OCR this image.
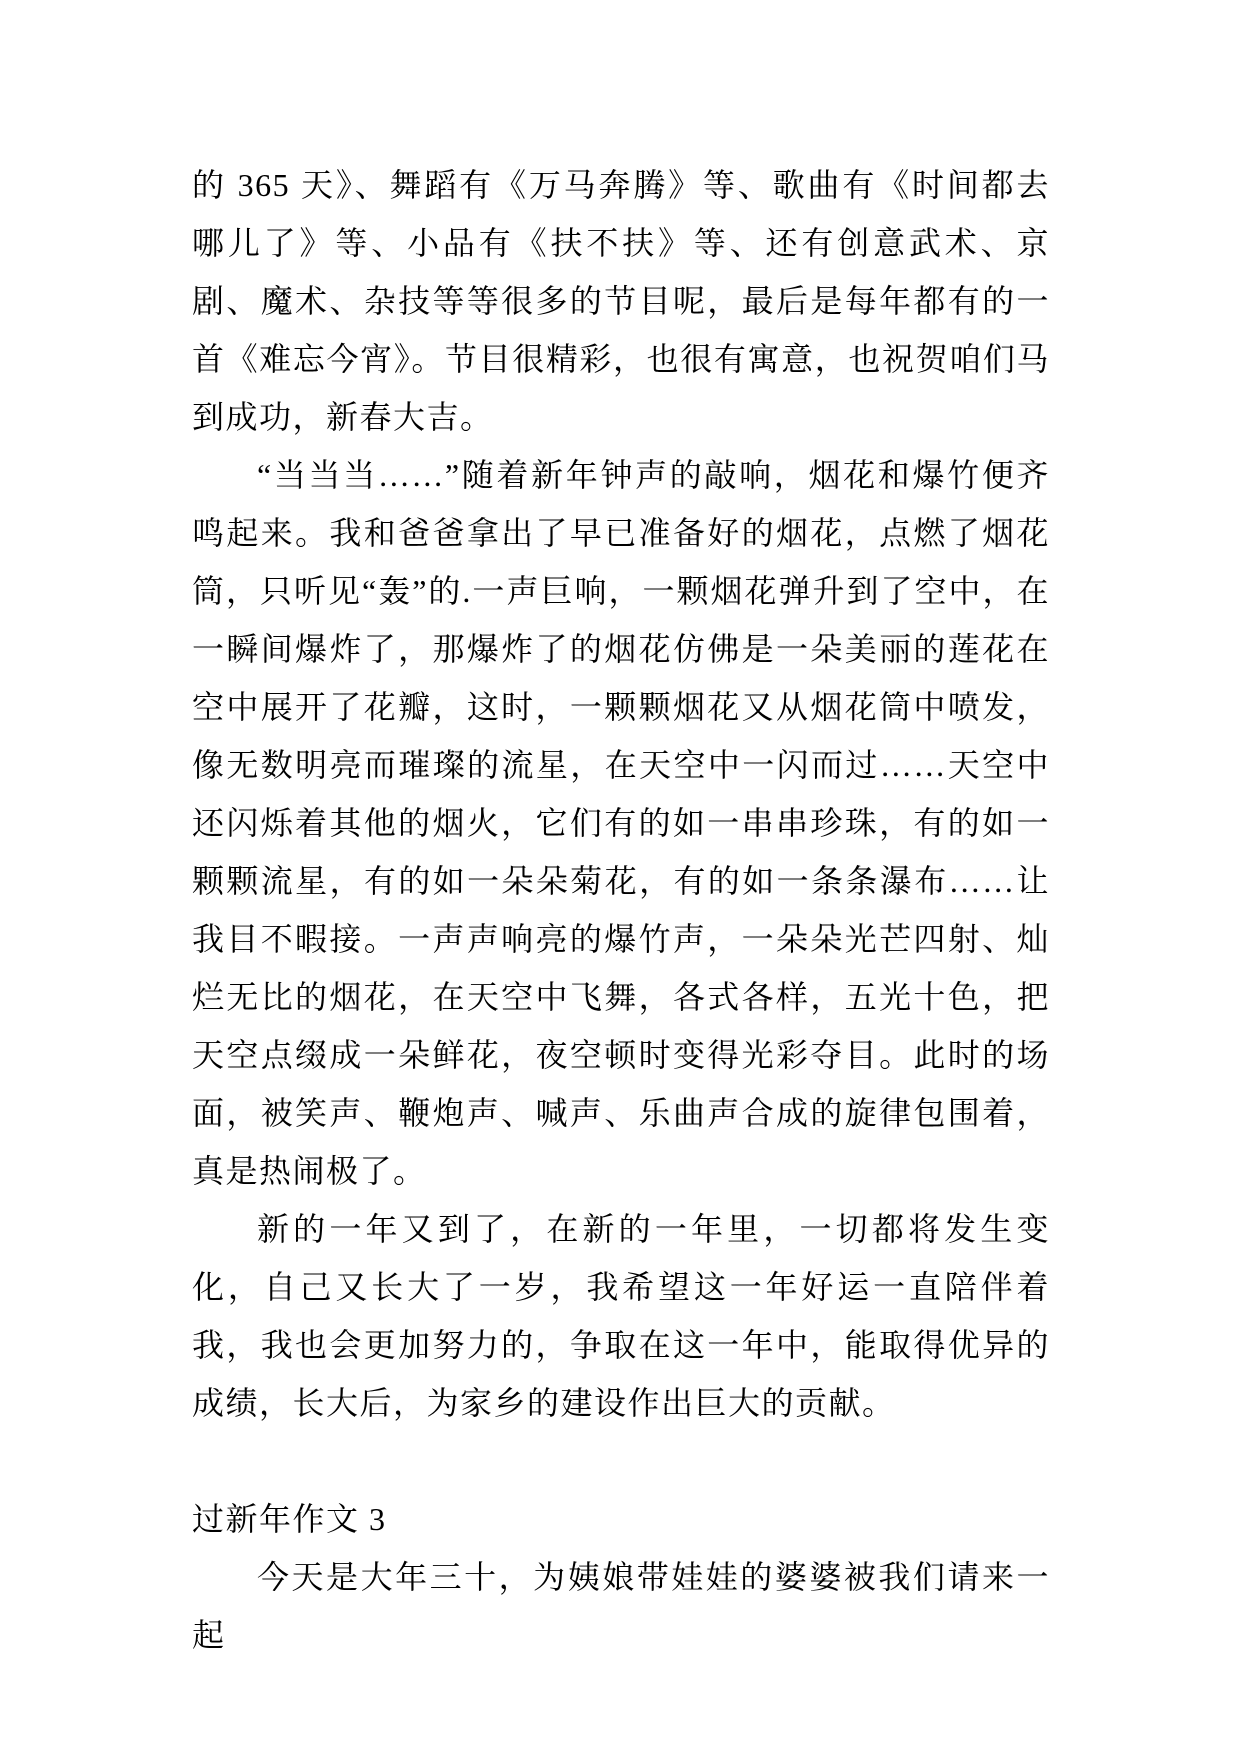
的 365 天》、舞蹈有《万马奔腾》等、歌曲有《时间都去哪儿了》等、小品有《扶不扶》等、还有创意武术、京剧、魔术、杂技等等很多的节目呢，最后是每年都有的一首《难忘今宵》。节目很精彩，也很有寓意，也祝贺咱们马到成功，新春大吉。

“当当当……”随着新年钟声的敲响，烟花和爆竹便齐鸣起来。我和爸爸拿出了早已准备好的烟花，点燃了烟花筒，只听见“轰”的.一声巨响，一颗烟花弹升到了空中，在一瞬间爆炸了，那爆炸了的烟花仿佛是一朵美丽的莲花在空中展开了花瓣，这时，一颗颗烟花又从烟花筒中喷发，像无数明亮而璀璨的流星，在天空中一闪而过……天空中还闪烁着其他的烟火，它们有的如一串串珍珠，有的如一颗颗流星，有的如一朵朵菊花，有的如一条条瀑布……让我目不暇接。一声声响亮的爆竹声，一朵朵光芒四射、灿烂无比的烟花，在天空中飞舞，各式各样，五光十色，把天空点缀成一朵鲜花，夜空顿时变得光彩夺目。此时的场面，被笑声、鞭炮声、喊声、乐曲声合成的旋律包围着，真是热闹极了。

新的一年又到了，在新的一年里，一切都将发生变化，自己又长大了一岁，我希望这一年好运一直陪伴着我，我也会更加努力的，争取在这一年中，能取得优异的成绩，长大后，为家乡的建设作出巨大的贡献。

过新年作文 3

今天是大年三十，为姨娘带娃娃的婆婆被我们请来一起
